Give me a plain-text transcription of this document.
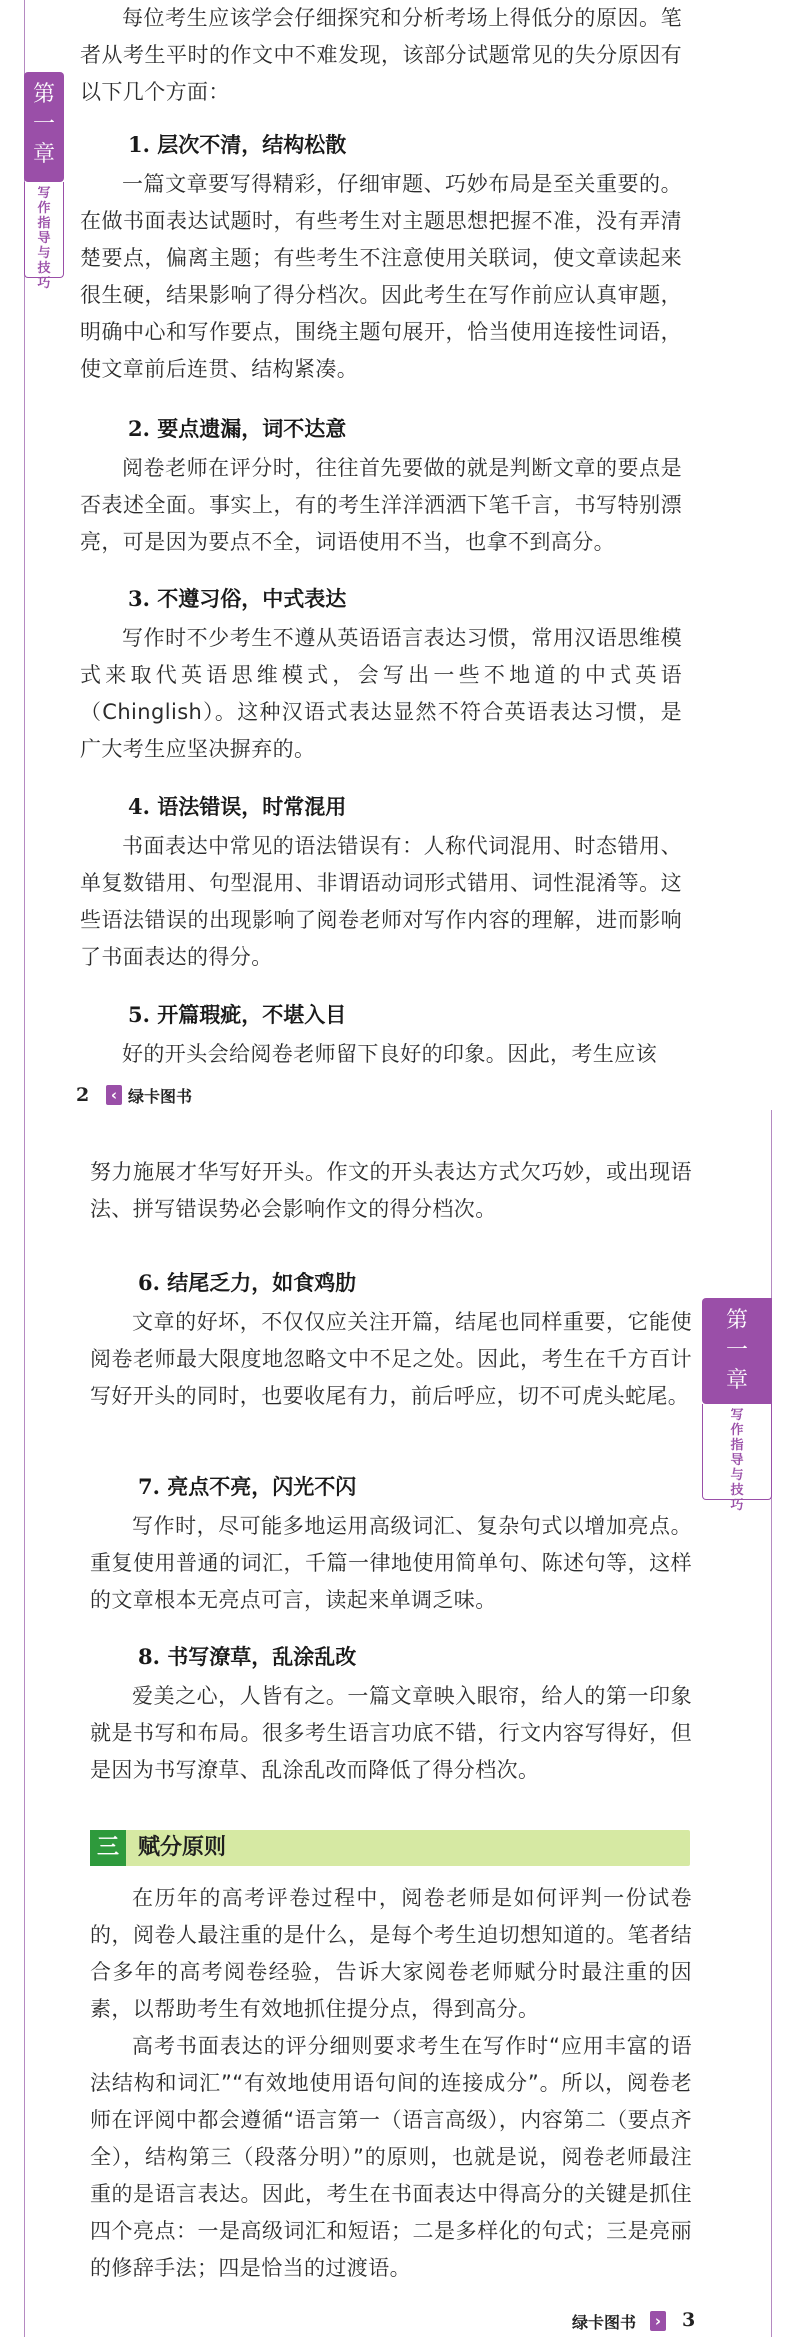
第一章
写作指导与技巧

每位考生应该学会仔细探究和分析考场上得低分的原因。笔者从考生平时的作文中不难发现，该部分试题常见的失分原因有以下几个方面：

1. 层次不清，结构松散

一篇文章要写得精彩，仔细审题、巧妙布局是至关重要的。在做书面表达试题时，有些考生对主题思想把握不准，没有弄清楚要点，偏离主题；有些考生不注意使用关联词，使文章读起来很生硬，结果影响了得分档次。因此考生在写作前应认真审题，明确中心和写作要点，围绕主题句展开，恰当使用连接性词语，使文章前后连贯、结构紧凑。

2. 要点遗漏，词不达意

阅卷老师在评分时，往往首先要做的就是判断文章的要点是否表述全面。事实上，有的考生洋洋洒洒下笔千言，书写特别漂亮，可是因为要点不全，词语使用不当，也拿不到高分。

3. 不遵习俗，中式表达

写作时不少考生不遵从英语语言表达习惯，常用汉语思维模式来取代英语思维模式，会写出一些不地道的中式英语（Chinglish）。这种汉语式表达显然不符合英语表达习惯，是广大考生应坚决摒弃的。

4. 语法错误，时常混用

书面表达中常见的语法错误有：人称代词混用、时态错用、单复数错用、句型混用、非谓语动词形式错用、词性混淆等。这些语法错误的出现影响了阅卷老师对写作内容的理解，进而影响了书面表达的得分。

5. 开篇瑕疵，不堪入目

好的开头会给阅卷老师留下良好的印象。因此，考生应该

2	‹ 绿卡图书
第一章
写作指导与技巧

努力施展才华写好开头。作文的开头表达方式欠巧妙，或出现语法、拼写错误势必会影响作文的得分档次。

6. 结尾乏力，如食鸡肋

文章的好坏，不仅仅应关注开篇，结尾也同样重要，它能使阅卷老师最大限度地忽略文中不足之处。因此，考生在千方百计写好开头的同时，也要收尾有力，前后呼应，切不可虎头蛇尾。

7. 亮点不亮，闪光不闪

写作时，尽可能多地运用高级词汇、复杂句式以增加亮点。重复使用普通的词汇，千篇一律地使用简单句、陈述句等，这样的文章根本无亮点可言，读起来单调乏味。

8. 书写潦草，乱涂乱改

爱美之心，人皆有之。一篇文章映入眼帘，给人的第一印象就是书写和布局。很多考生语言功底不错，行文内容写得好，但是因为书写潦草、乱涂乱改而降低了得分档次。

三 赋分原则

在历年的高考评卷过程中，阅卷老师是如何评判一份试卷的，阅卷人最注重的是什么，是每个考生迫切想知道的。笔者结合多年的高考阅卷经验，告诉大家阅卷老师赋分时最注重的因素，以帮助考生有效地抓住提分点，得到高分。

高考书面表达的评分细则要求考生在写作时“应用丰富的语法结构和词汇”“有效地使用语句间的连接成分”。所以，阅卷老师在评阅中都会遵循“语言第一（语言高级），内容第二（要点齐全），结构第三（段落分明）”的原则，也就是说，阅卷老师最注重的是语言表达。因此，考生在书面表达中得高分的关键是抓住四个亮点：一是高级词汇和短语；二是多样化的句式；三是亮丽的修辞手法；四是恰当的过渡语。

绿卡图书	› 3
